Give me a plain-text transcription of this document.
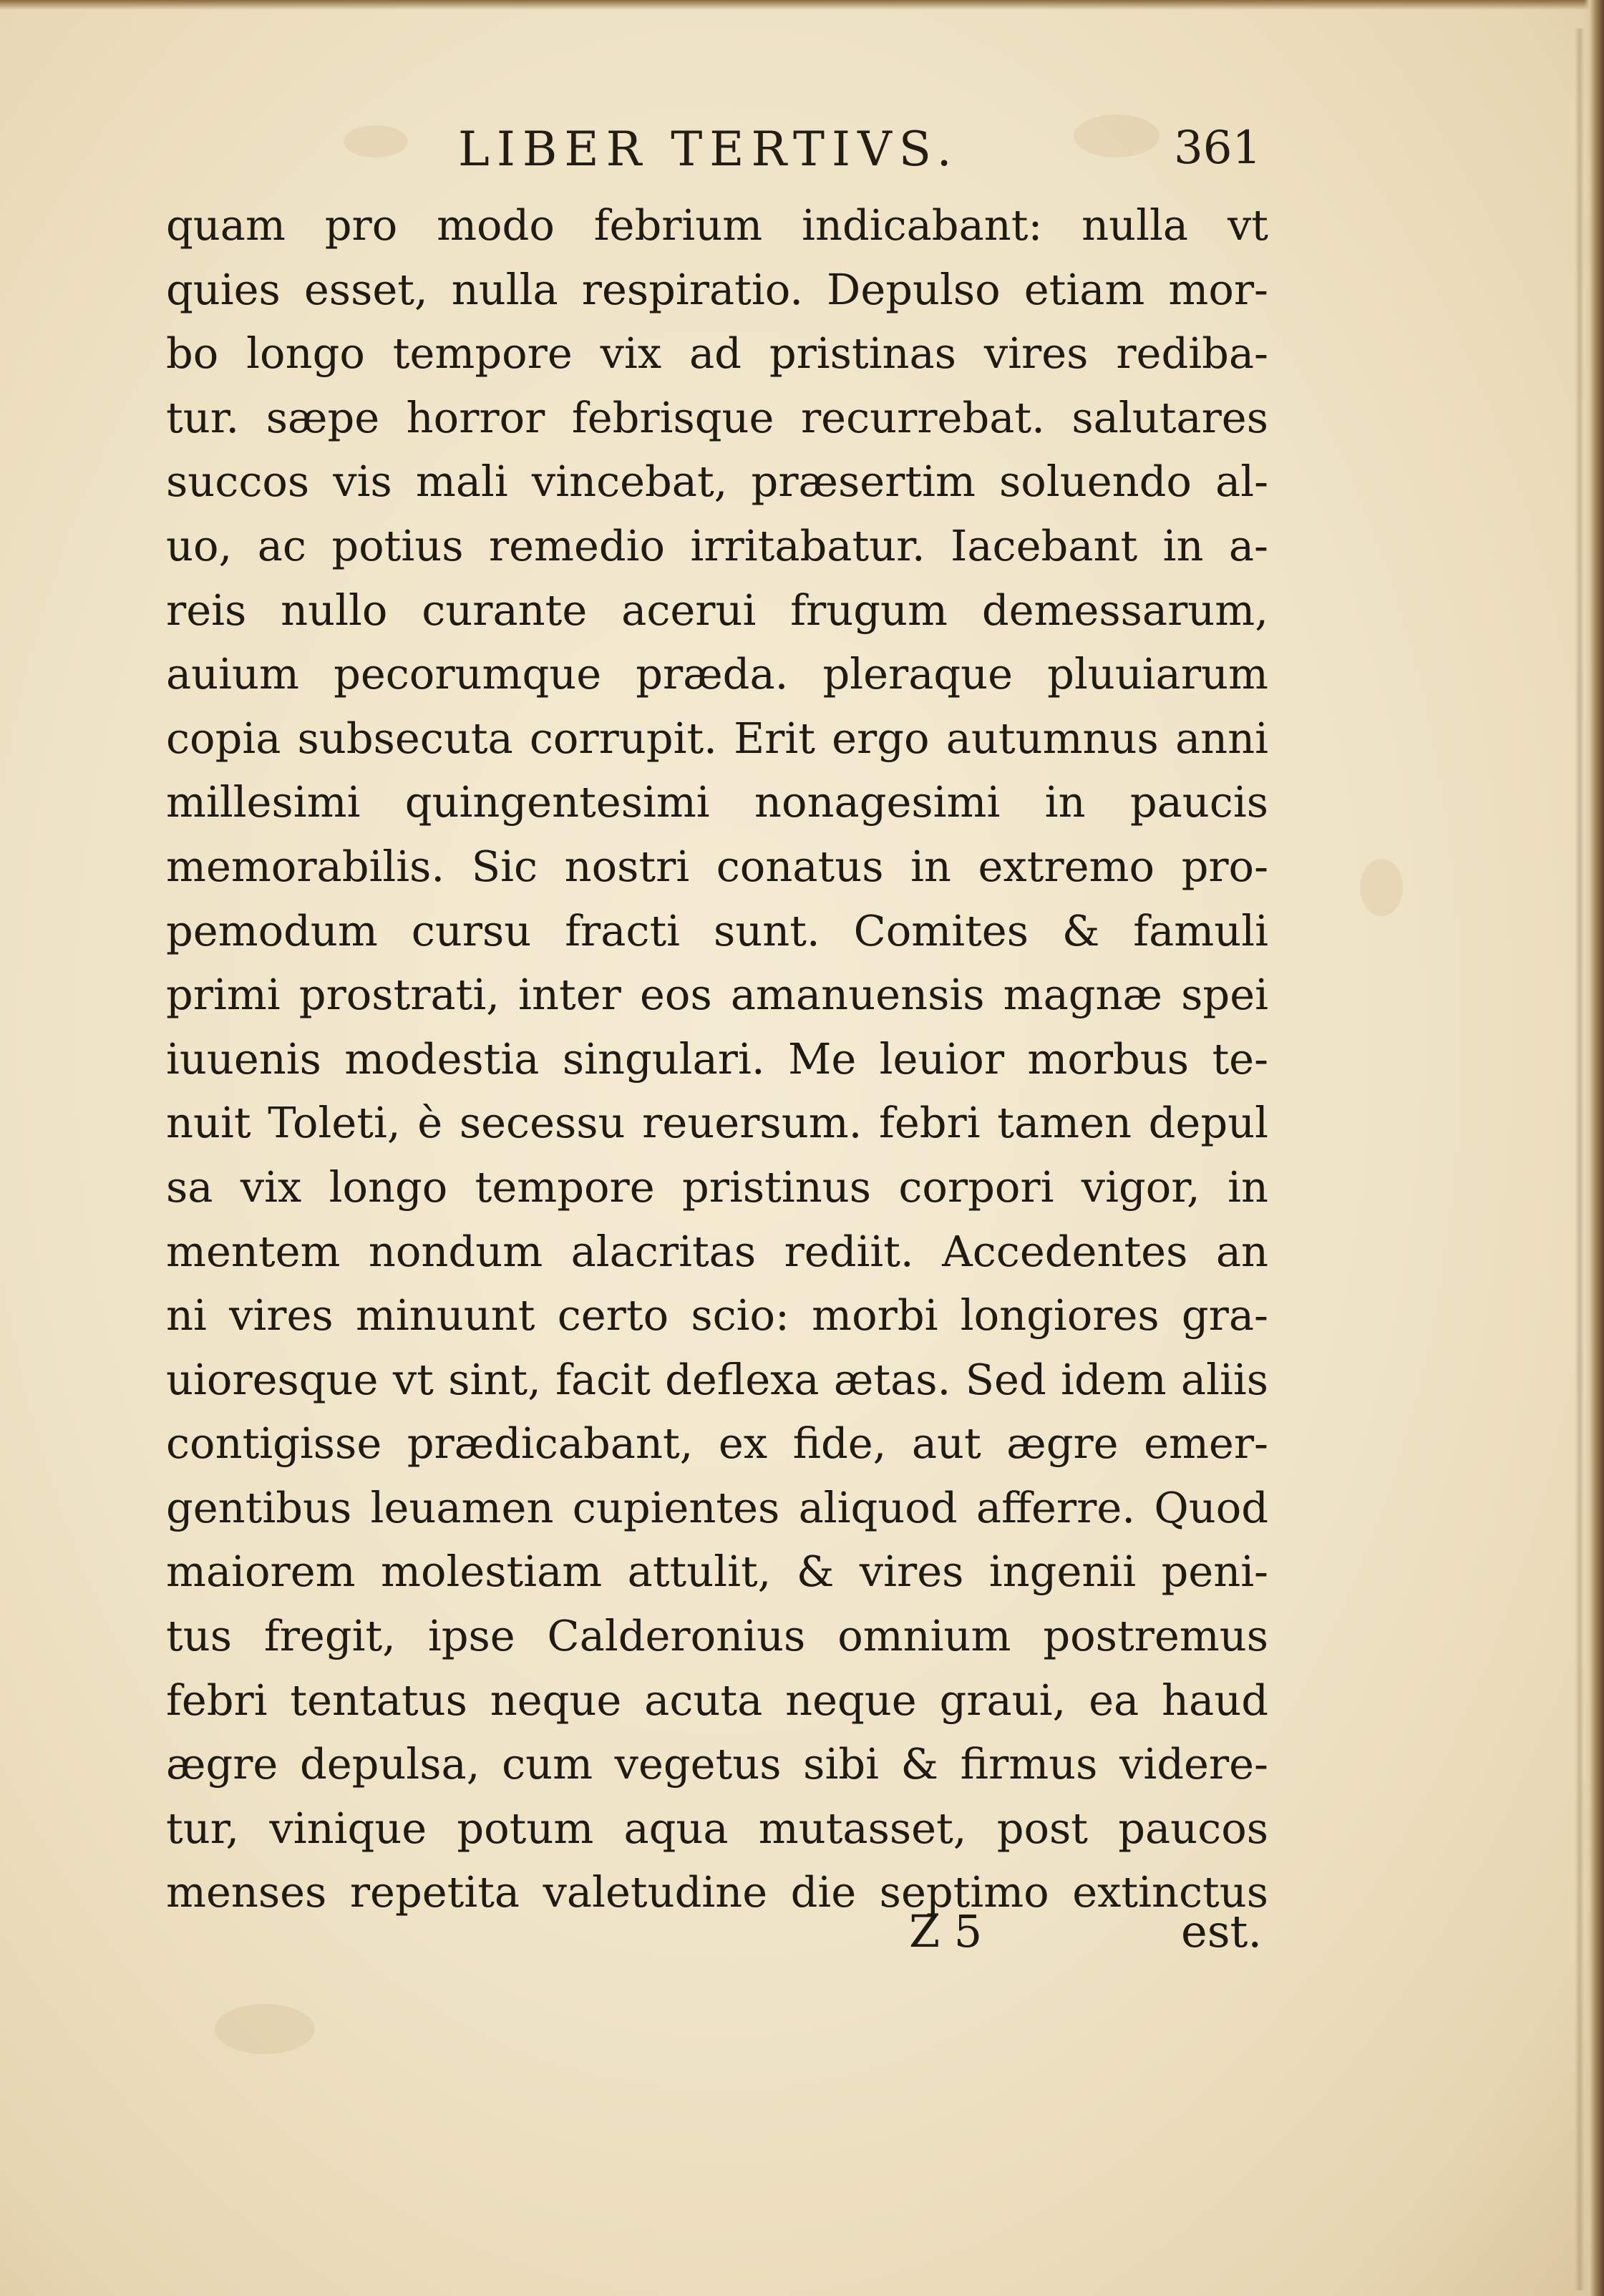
LIBER TERTIVS.	361
quam pro modo febrium indicabant: nulla vt
quies esset, nulla respiratio. Depulso etiam mor-
bo longo tempore vix ad pristinas vires rediba-
tur. sæpe horror febrisque recurrebat. salutares
succos vis mali vincebat, præsertim soluendo al-
uo, ac potius remedio irritabatur. Iacebant in a-
reis nullo curante acerui frugum demessarum,
auium pecorumque præda. pleraque pluuiarum
copia subsecuta corrupit. Erit ergo autumnus anni
millesimi quingentesimi nonagesimi in paucis
memorabilis. Sic nostri conatus in extremo pro-
pemodum cursu fracti sunt. Comites & famuli
primi prostrati, inter eos amanuensis magnæ spei
iuuenis modestia singulari. Me leuior morbus te-
nuit Toleti, è secessu reuersum. febri tamen depul
sa vix longo tempore pristinus corpori vigor, in
mentem nondum alacritas rediit. Accedentes an
ni vires minuunt certo scio: morbi longiores gra-
uioresque vt sint, facit deflexa ætas. Sed idem aliis
contigisse prædicabant, ex fide, aut ægre emer-
gentibus leuamen cupientes aliquod afferre. Quod
maiorem molestiam attulit, & vires ingenii peni-
tus fregit, ipse Calderonius omnium postremus
febri tentatus neque acuta neque graui, ea haud
ægre depulsa, cum vegetus sibi & firmus videre-
tur, vinique potum aqua mutasset, post paucos
menses repetita valetudine die septimo extinctus
Z 5	est.
